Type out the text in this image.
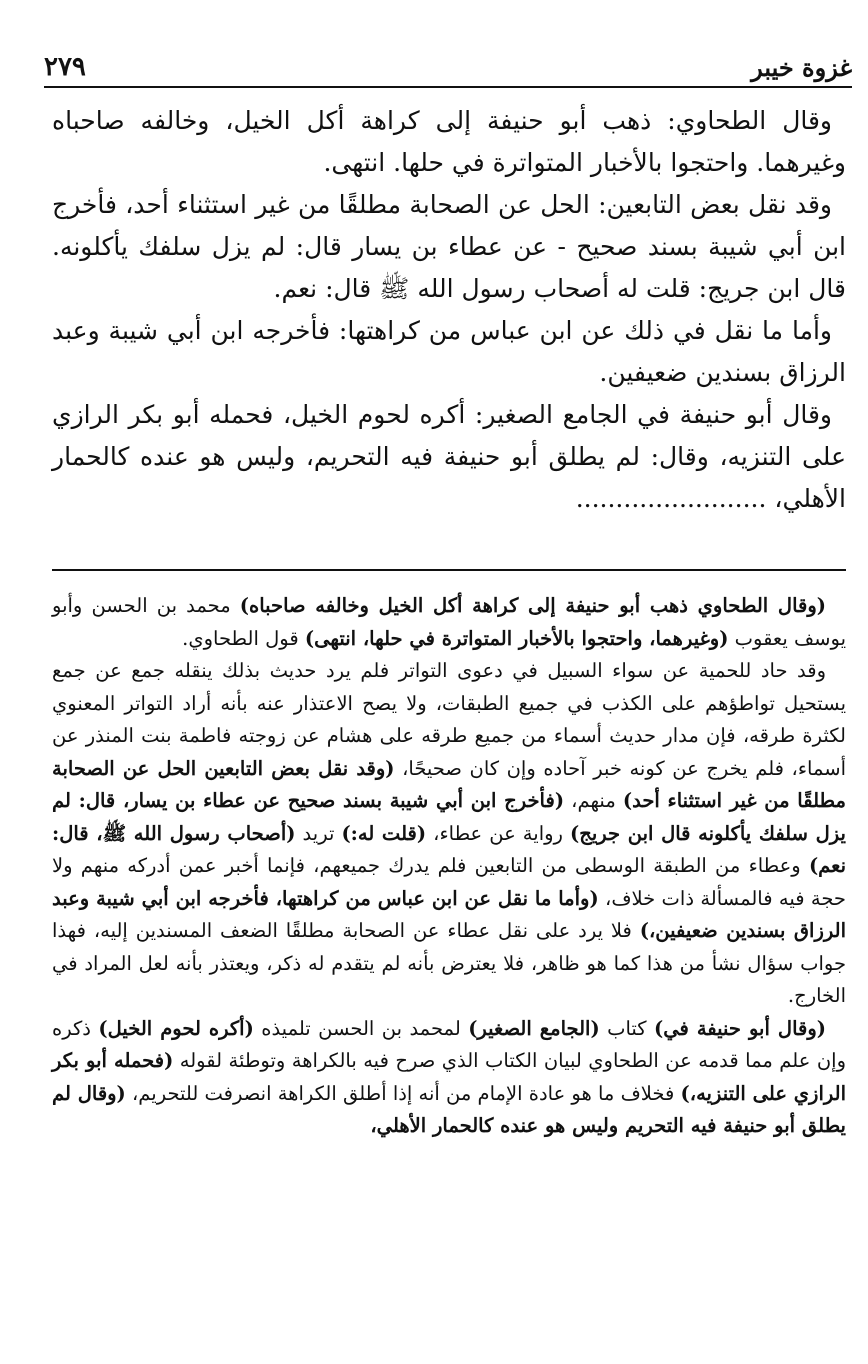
غزوة خيبر
٢٧٩

وقال الطحاوي: ذهب أبو حنيفة إلى كراهة أكل الخيل، وخالفه صاحباه وغيرهما. واحتجوا بالأخبار المتواترة في حلها. انتهى.

وقد نقل بعض التابعين: الحل عن الصحابة مطلقًا من غير استثناء أحد، فأخرج ابن أبي شيبة بسند صحيح - عن عطاء بن يسار قال: لم يزل سلفك يأكلونه. قال ابن جريج: قلت له أصحاب رسول الله ﷺ قال: نعم.

وأما ما نقل في ذلك عن ابن عباس من كراهتها: فأخرجه ابن أبي شيبة وعبد الرزاق بسندين ضعيفين.

وقال أبو حنيفة في الجامع الصغير: أكره لحوم الخيل، فحمله أبو بكر الرازي على التنزيه، وقال: لم يطلق أبو حنيفة فيه التحريم، وليس هو عنده كالحمار الأهلي،........................

(وقال الطحاوي ذهب أبو حنيفة إلى كراهة أكل الخيل وخالفه صاحباه) محمد بن الحسن وأبو يوسف يعقوب (وغيرهما، واحتجوا بالأخبار المتواترة في حلها، انتهى) قول الطحاوي.

وقد حاد للحمية عن سواء السبيل في دعوى التواتر فلم يرد حديث بذلك ينقله جمع عن جمع يستحيل تواطؤهم على الكذب في جميع الطبقات، ولا يصح الاعتذار عنه بأنه أراد التواتر المعنوي لكثرة طرقه، فإن مدار حديث أسماء من جميع طرقه على هشام عن زوجته فاطمة بنت المنذر عن أسماء، فلم يخرج عن كونه خبر آحاده وإن كان صحيحًا، (وقد نقل بعض التابعين الحل عن الصحابة مطلقًا من غير استثناء أحد) منهم، (فأخرج ابن أبي شيبة بسند صحيح عن عطاء بن يسار، قال: لم يزل سلفك يأكلونه قال ابن جريج) رواية عن عطاء، (قلت له:) تريد (أصحاب رسول الله ﷺ، قال: نعم) وعطاء من الطبقة الوسطى من التابعين فلم يدرك جميعهم، فإنما أخبر عمن أدركه منهم ولا حجة فيه فالمسألة ذات خلاف، (وأما ما نقل عن ابن عباس من كراهتها، فأخرجه ابن أبي شيبة وعبد الرزاق بسندين ضعيفين،) فلا يرد على نقل عطاء عن الصحابة مطلقًا الضعف المسندين إليه، فهذا جواب سؤال نشأ من هذا كما هو ظاهر، فلا يعترض بأنه لم يتقدم له ذكر، ويعتذر بأنه لعل المراد في الخارج.

(وقال أبو حنيفة في) كتاب (الجامع الصغير) لمحمد بن الحسن تلميذه (أكره لحوم الخيل) ذكره وإن علم مما قدمه عن الطحاوي لبيان الكتاب الذي صرح فيه بالكراهة وتوطئة لقوله (فحمله أبو بكر الرازي على التنزيه،) فخلاف ما هو عادة الإمام من أنه إذا أطلق الكراهة انصرفت للتحريم، (وقال لم يطلق أبو حنيفة فيه التحريم وليس هو عنده كالحمار الأهلي،
